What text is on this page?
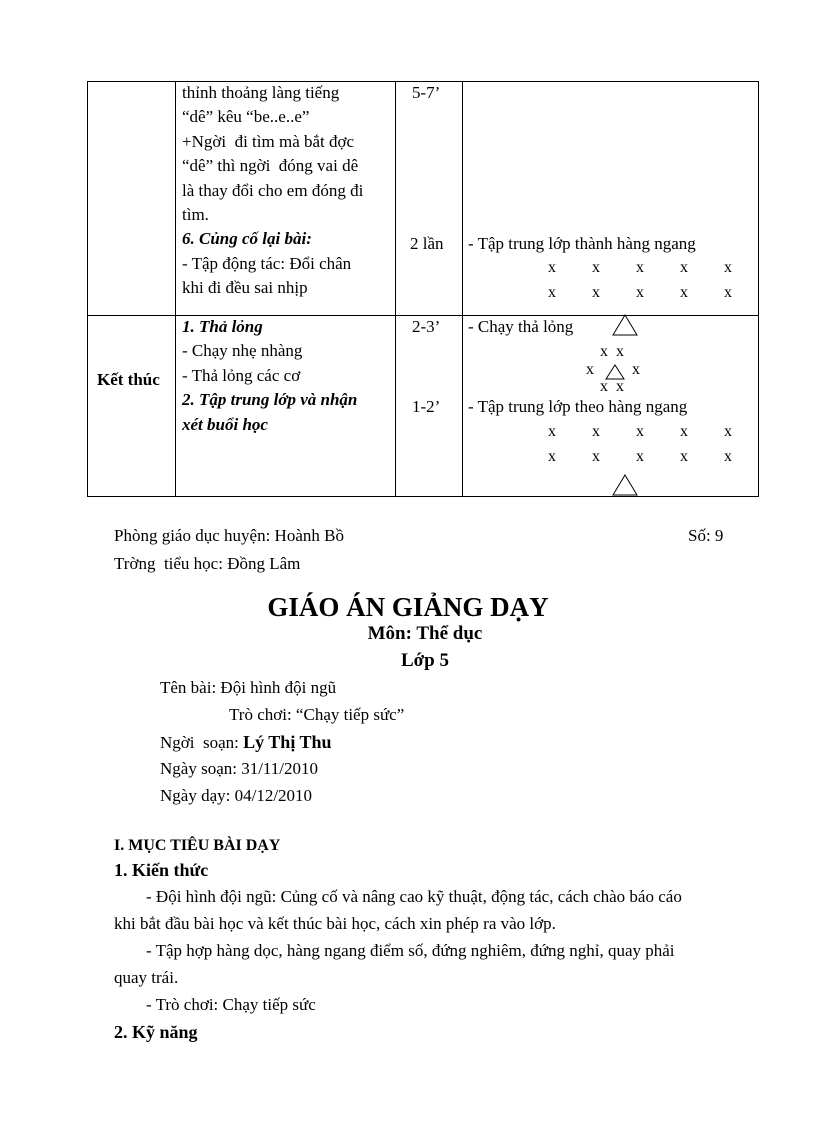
thỉnh thoảng làng tiếng
“dê” kêu “be..e..e”
+Ngời  đi tìm mà bắt đợc
“dê” thì ngời  đóng vai dê
là thay đổi cho em đóng đi
tìm.
6. Củng cố lại bài:
- Tập động tác: Đổi chân
khi đi đều sai nhịp
5-7’
2 lần - Tập trung lớp thành hàng ngang
x  x  x  x  x
x  x  x  x  x
Kết thúc
1. Thả lỏng
- Chạy nhẹ nhàng
- Thả lỏng các cơ
2. Tập trung lớp và nhận
xét buổi học
2-3’
1-2’
- Chạy thả lỏng
x x
x x
x x
- Tập trung lớp theo hàng ngang
x  x  x  x  x
x  x  x  x  x
Phòng giáo dục huyện: Hoành Bồ	Số: 9
Trờng  tiểu học: Đồng Lâm
GIÁO ÁN GIẢNG DẠY
Môn: Thể dục
Lớp 5
Tên bài: Đội hình đội ngũ
Trò chơi: “Chạy tiếp sức”
Ngời  soạn: Lý Thị Thu
Ngày soạn: 31/11/2010
Ngày dạy: 04/12/2010
I. MỤC TIÊU BÀI DẠY
1. Kiến thức
- Đội hình đội ngũ: Củng cố và nâng cao kỹ thuật, động tác, cách chào báo cáo
khi bắt đầu bài học và kết thúc bài học, cách xin phép ra vào lớp.
- Tập hợp hàng dọc, hàng ngang điểm số, đứng nghiêm, đứng nghỉ, quay phải
quay trái.
- Trò chơi: Chạy tiếp sức
2. Kỹ năng
